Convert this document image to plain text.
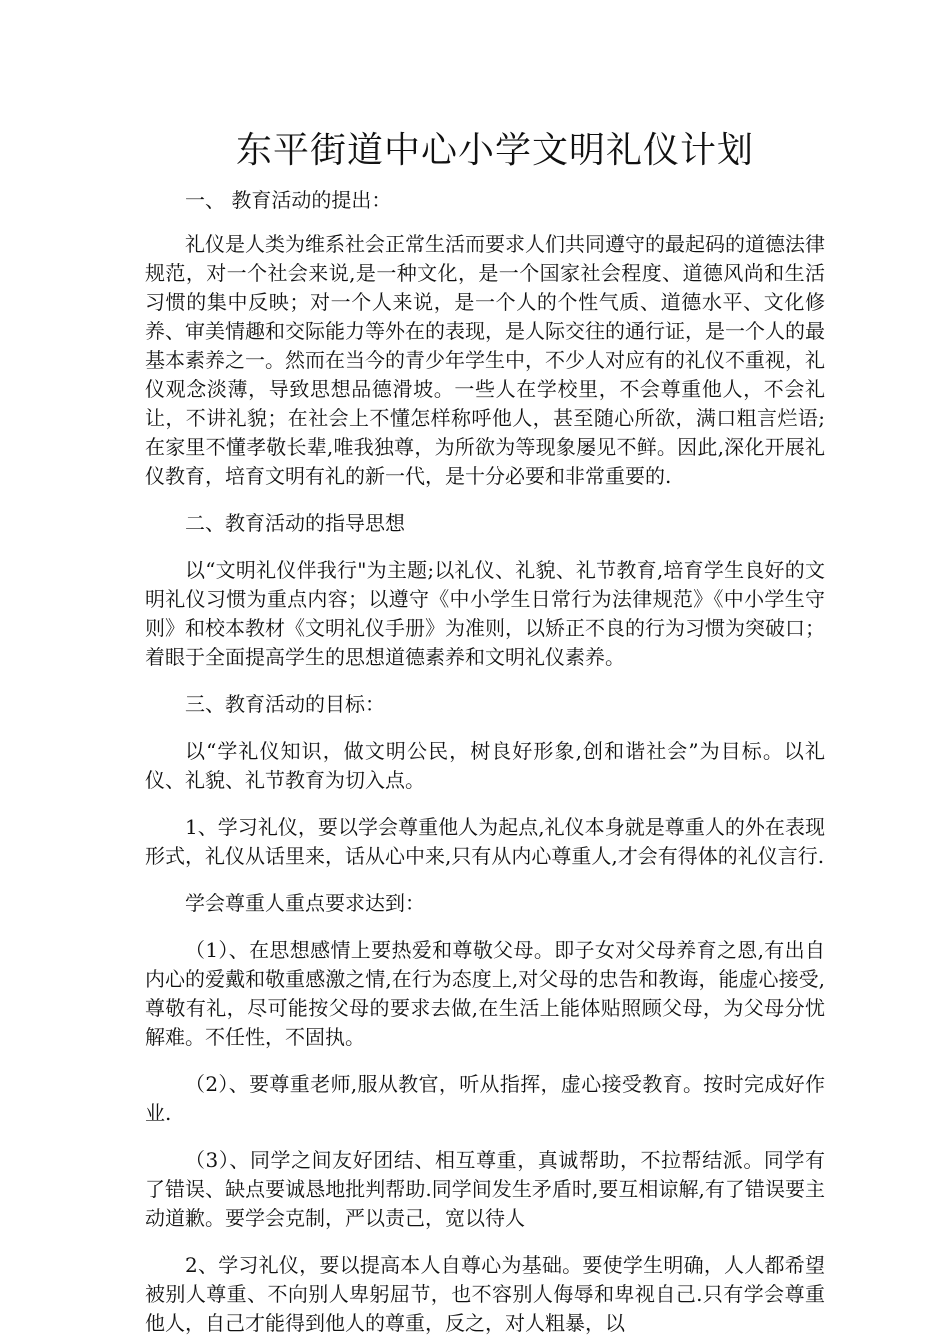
东平街道中心小学文明礼仪计划

一、 教育活动的提出：

礼仪是人类为维系社会正常生活而要求人们共同遵守的最起码的道德法律规范，对一个社会来说,是一种文化，是一个国家社会程度、道德风尚和生活习惯的集中反映；对一个人来说，是一个人的个性气质、道德水平、文化修养、审美情趣和交际能力等外在的表现，是人际交往的通行证，是一个人的最基本素养之一。然而在当今的青少年学生中，不少人对应有的礼仪不重视，礼仪观念淡薄，导致思想品德滑坡。一些人在学校里，不会尊重他人，不会礼让，不讲礼貌；在社会上不懂怎样称呼他人，甚至随心所欲，满口粗言烂语;在家里不懂孝敬长辈,唯我独尊，为所欲为等现象屡见不鲜。因此,深化开展礼仪教育，培育文明有礼的新一代，是十分必要和非常重要的.

二、教育活动的指导思想

以“文明礼仪伴我行"为主题;以礼仪、礼貌、礼节教育,培育学生良好的文明礼仪习惯为重点内容；以遵守《中小学生日常行为法律规范》《中小学生守则》和校本教材《文明礼仪手册》为准则，以矫正不良的行为习惯为突破口；着眼于全面提高学生的思想道德素养和文明礼仪素养。

三、教育活动的目标：

以“学礼仪知识，做文明公民，树良好形象,创和谐社会”为目标。以礼仪、礼貌、礼节教育为切入点。

1、学习礼仪，要以学会尊重他人为起点,礼仪本身就是尊重人的外在表现形式，礼仪从话里来，话从心中来,只有从内心尊重人,才会有得体的礼仪言行.

学会尊重人重点要求达到：

（1）、在思想感情上要热爱和尊敬父母。即子女对父母养育之恩,有出自内心的爱戴和敬重感激之情,在行为态度上,对父母的忠告和教诲，能虚心接受,尊敬有礼，尽可能按父母的要求去做,在生活上能体贴照顾父母，为父母分忧解难。不任性，不固执。

（2）、要尊重老师,服从教官，听从指挥，虚心接受教育。按时完成好作业.

（3）、同学之间友好团结、相互尊重，真诚帮助，不拉帮结派。同学有了错误、缺点要诚恳地批判帮助.同学间发生矛盾时,要互相谅解,有了错误要主动道歉。要学会克制，严以责己，宽以待人

2、学习礼仪，要以提高本人自尊心为基础。要使学生明确，人人都希望被别人尊重、不向别人卑躬屈节，也不容别人侮辱和卑视自己.只有学会尊重他人，自己才能得到他人的尊重，反之，对人粗暴，以
